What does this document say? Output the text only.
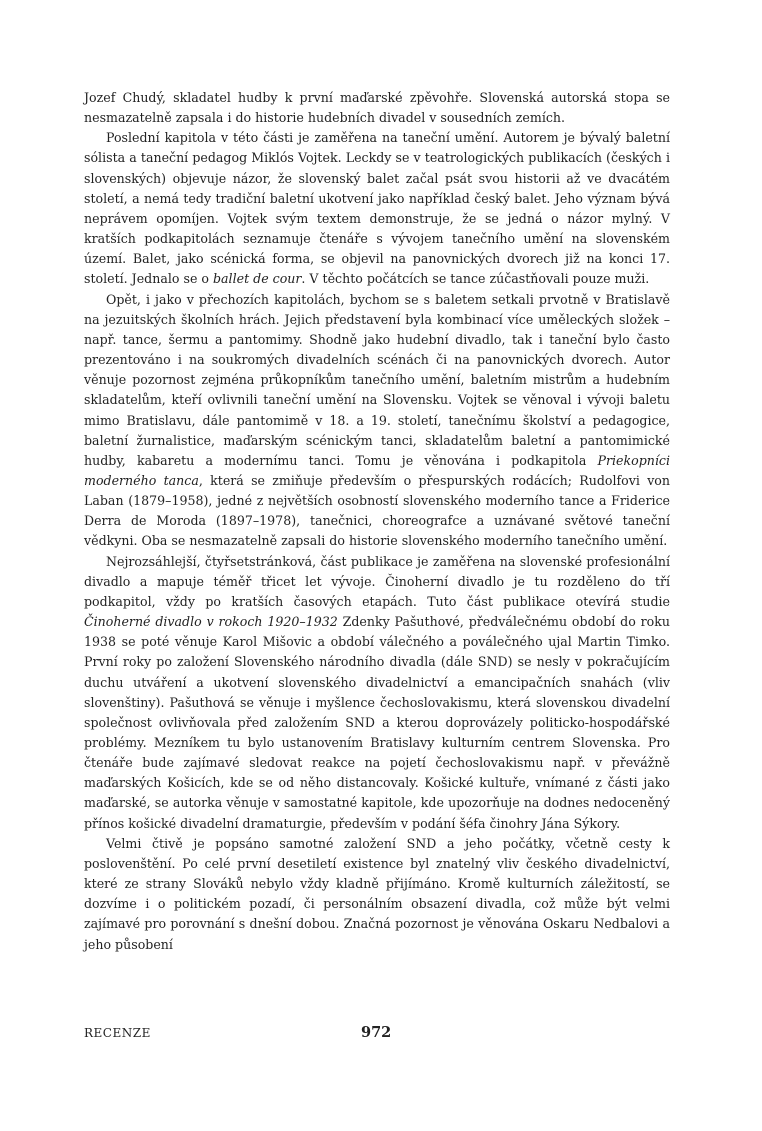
Jozef Chudý, skladatel hudby k první maďarské zpěvohře. Slovenská autorská stopa se nesmazatelně zapsala i do historie hudebních divadel v sousedních zemích.

Poslední kapitola v této části je zaměřena na taneční umění. Autorem je bývalý baletní sólista a taneční pedagog Miklós Vojtek. Leckdy se v teatrologických publikacích (českých i slovenských) objevuje názor, že slovenský balet začal psát svou historii až ve dvacátém století, a nemá tedy tradiční baletní ukotvení jako například český balet. Jeho význam bývá neprávem opomíjen. Vojtek svým textem demonstruje, že se jedná o názor mylný. V kratších podkapitolách seznamuje čtenáře s vývojem tanečního umění na slovenském území. Balet, jako scénická forma, se objevil na panovnických dvorech již na konci 17. století. Jednalo se o ballet de cour. V těchto počátcích se tance zúčastňovali pouze muži.

Opět, i jako v přechozích kapitolách, bychom se s baletem setkali prvotně v Bratislavě na jezuitských školních hrách. Jejich představení byla kombinací více uměleckých složek – např. tance, šermu a pantomimy. Shodně jako hudební divadlo, tak i taneční bylo často prezentováno i na soukromých divadelních scénách či na panovnických dvorech. Autor věnuje pozornost zejména průkopníkům tanečního umění, baletním mistrům a hudebním skladatelům, kteří ovlivnili taneční umění na Slovensku. Vojtek se věnoval i vývoji baletu mimo Bratislavu, dále pantomimě v 18. a 19. století, tanečnímu školství a pedagogice, baletní žurnalistice, maďarským scénickým tanci, skladatelům baletní a pantomimické hudby, kabaretu a modernímu tanci. Tomu je věnována i podkapitola Priekopníci moderného tanca, která se zmiňuje především o přespurských rodácích; Rudolfovi von Laban (1879–1958), jedné z největších osobností slovenského moderního tance a Friderice Derra de Moroda (1897–1978), tanečnici, choreografce a uznávané světové taneční vědkyni. Oba se nesmazatelně zapsali do historie slovenského moderního tanečního umění.

Nejrozsáhlejší, čtyřsetstránková, část publikace je zaměřena na slovenské profesionální divadlo a mapuje téměř třicet let vývoje. Činoherní divadlo je tu rozděleno do tří podkapitol, vždy po kratších časových etapách. Tuto část publikace otevírá studie Činoherné divadlo v rokoch 1920–1932 Zdenky Pašuthové, předválečnému období do roku 1938 se poté věnuje Karol Mišovic a období válečného a poválečného ujal Martin Timko. První roky po založení Slovenského národního divadla (dále SND) se nesly v pokračujícím duchu utváření a ukotvení slovenského divadelnictví a emancipačních snahách (vliv slovenštiny). Pašuthová se věnuje i myšlence čechoslovakismu, která slovenskou divadelní společnost ovlivňovala před založením SND a kterou doprovázely politicko-hospodářské problémy. Mezníkem tu bylo ustanovením Bratislavy kulturním centrem Slovenska. Pro čtenáře bude zajímavé sledovat reakce na pojetí čechoslovakismu např. v převážně maďarských Košicích, kde se od něho distancovaly. Košické kultuře, vnímané z části jako maďarské, se autorka věnuje v samostatné kapitole, kde upozorňuje na dodnes nedoceněný přínos košické divadelní dramaturgie, především v podání šéfa činohry Jána Sýkory.

Velmi čtivě je popsáno samotné založení SND a jeho počátky, včetně cesty k poslovenštění. Po celé první desetiletí existence byl znatelný vliv českého divadelnictví, které ze strany Slováků nebylo vždy kladně přijímáno. Kromě kulturních záležitostí, se dozvíme i o politickém pozadí, či personálním obsazení divadla, což může být velmi zajímavé pro porovnání s dnešní dobou. Značná pozornost je věnována Oskaru Nedbalovi a jeho působení

RECENZE	972
